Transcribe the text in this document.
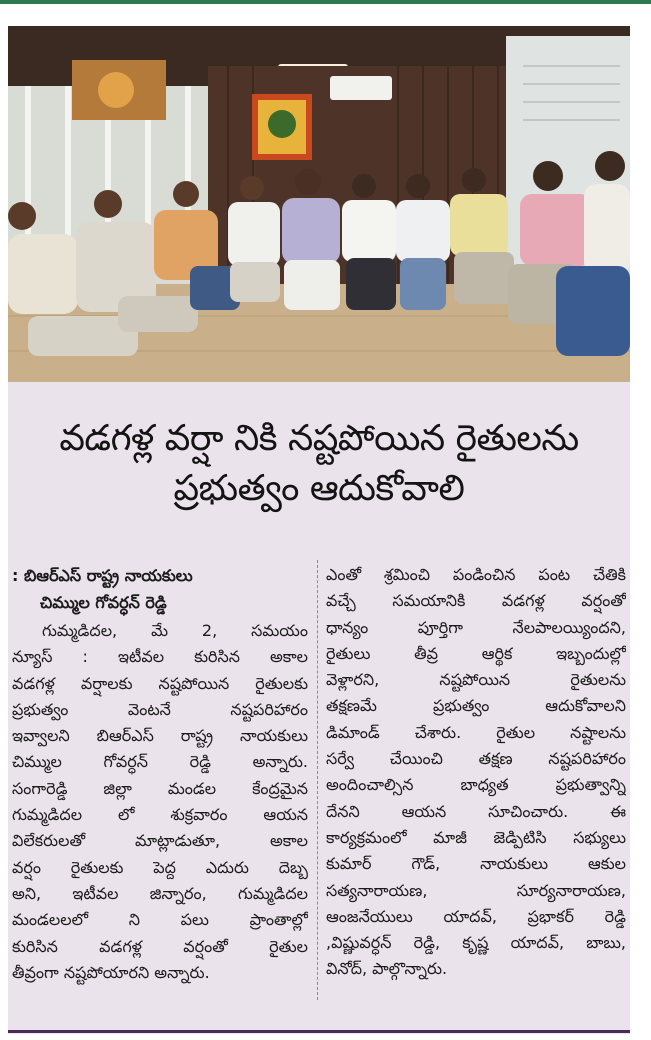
వడగళ్ల వర్షా నికి నష్టపోయిన రైతులను
ప్రభుత్వం ఆదుకోవాలి
: బిఆర్ఎస్ రాష్ట్ర నాయకులు
చిమ్ముల గోవర్ధన్ రెడ్డి
గుమ్మడిదల, మే 2, సమయం
న్యూస్ : ఇటీవల కురిసిన అకాల
వడగళ్ల వర్షాలకు నష్టపోయిన రైతులకు
ప్రభుత్వం వెంటనే నష్టపరిహారం
ఇవ్వాలని బిఆర్ఎస్ రాష్ట్ర నాయకులు
చిమ్ముల గోవర్ధన్ రెడ్డి అన్నారు.
సంగారెడ్డి జిల్లా మండల కేంద్రమైన
గుమ్మడిదల లో శుక్రవారం ఆయన
విలేకరులతో మాట్లాడుతూ, అకాల
వర్షం రైతులకు పెద్ద ఎదురు దెబ్బ
అని, ఇటీవల జిన్నారం, గుమ్మడిదల
మండలలలో ని పలు ప్రాంతాల్లో
కురిసిన వడగళ్ల వర్షంతో రైతుల
తీవ్రంగా నష్టపోయారని అన్నారు.
ఎంతో శ్రమించి పండించిన పంట చేతికి
వచ్చే సమయానికి వడగళ్ల వర్షంతో
ధాన్యం పూర్తిగా నేలపాలయ్యిందని,
రైతులు తీవ్ర ఆర్థిక ఇబ్బందుల్లో
వెళ్లారని, నష్టపోయిన రైతులను
తక్షణమే ప్రభుత్వం ఆదుకోవాలని
డిమాండ్ చేశారు. రైతుల నష్టాలను
సర్వే చేయించి తక్షణ నష్టపరిహారం
అందించాల్సిన బాధ్యత ప్రభుత్వాన్ని
దేనని ఆయన సూచించారు. ఈ
కార్యక్రమంలో మాజీ జెడ్పిటిసి సభ్యులు
కుమార్ గౌడ్, నాయకులు ఆకుల
సత్యనారాయణ, సూర్యనారాయణ,
ఆంజనేయులు యాదవ్, ప్రభాకర్ రెడ్డి
,విష్ణువర్ధన్ రెడ్డి, కృష్ణ యాదవ్, బాబు,
వినోద్, పాల్గొన్నారు.
